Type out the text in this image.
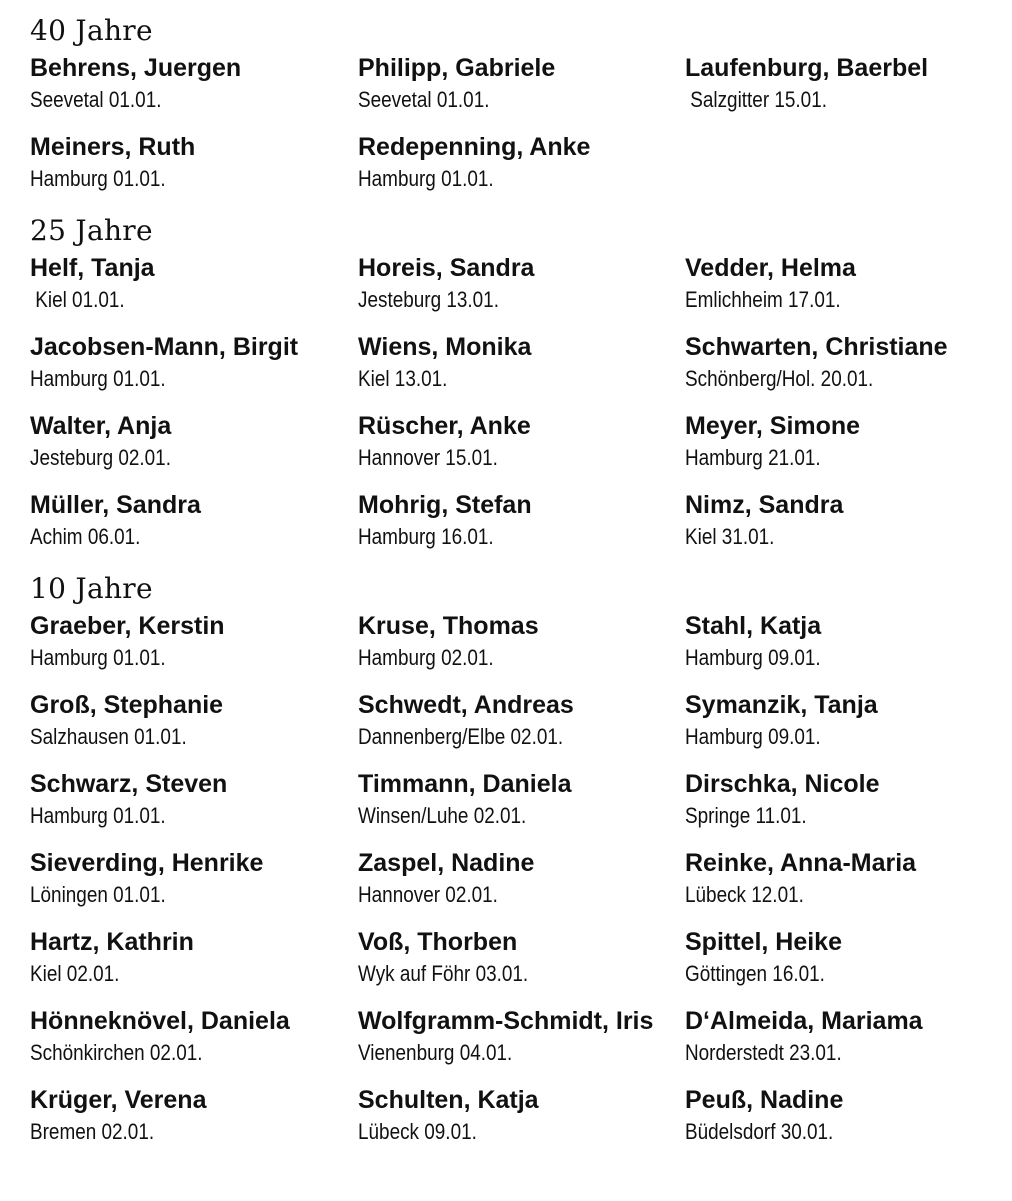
40 Jahre
Behrens, Juergen
Seevetal 01.01.
Philipp, Gabriele
Seevetal 01.01.
Laufenburg, Baerbel
Salzgitter 15.01.
Meiners, Ruth
Hamburg 01.01.
Redepenning, Anke
Hamburg 01.01.
25 Jahre
Helf, Tanja
Kiel 01.01.
Horeis, Sandra
Jesteburg 13.01.
Vedder, Helma
Emlichheim 17.01.
Jacobsen-Mann, Birgit
Hamburg 01.01.
Wiens, Monika
Kiel 13.01.
Schwarten, Christiane
Schönberg/Hol. 20.01.
Walter, Anja
Jesteburg 02.01.
Rüscher, Anke
Hannover 15.01.
Meyer, Simone
Hamburg 21.01.
Müller, Sandra
Achim 06.01.
Mohrig, Stefan
Hamburg 16.01.
Nimz, Sandra
Kiel 31.01.
10 Jahre
Graeber, Kerstin
Hamburg 01.01.
Kruse, Thomas
Hamburg 02.01.
Stahl, Katja
Hamburg 09.01.
Groß, Stephanie
Salzhausen 01.01.
Schwedt, Andreas
Dannenberg/Elbe 02.01.
Symanzik, Tanja
Hamburg 09.01.
Schwarz, Steven
Hamburg 01.01.
Timmann, Daniela
Winsen/Luhe 02.01.
Dirschka, Nicole
Springe 11.01.
Sieverding, Henrike
Löningen 01.01.
Zaspel, Nadine
Hannover 02.01.
Reinke, Anna-Maria
Lübeck 12.01.
Hartz, Kathrin
Kiel 02.01.
Voß, Thorben
Wyk auf Föhr 03.01.
Spittel, Heike
Göttingen 16.01.
Hönneknövel, Daniela
Schönkirchen 02.01.
Wolfgramm-Schmidt, Iris
Vienenburg 04.01.
D‘Almeida, Mariama
Norderstedt 23.01.
Krüger, Verena
Bremen 02.01.
Schulten, Katja
Lübeck 09.01.
Peuß, Nadine
Büdelsdorf 30.01.
